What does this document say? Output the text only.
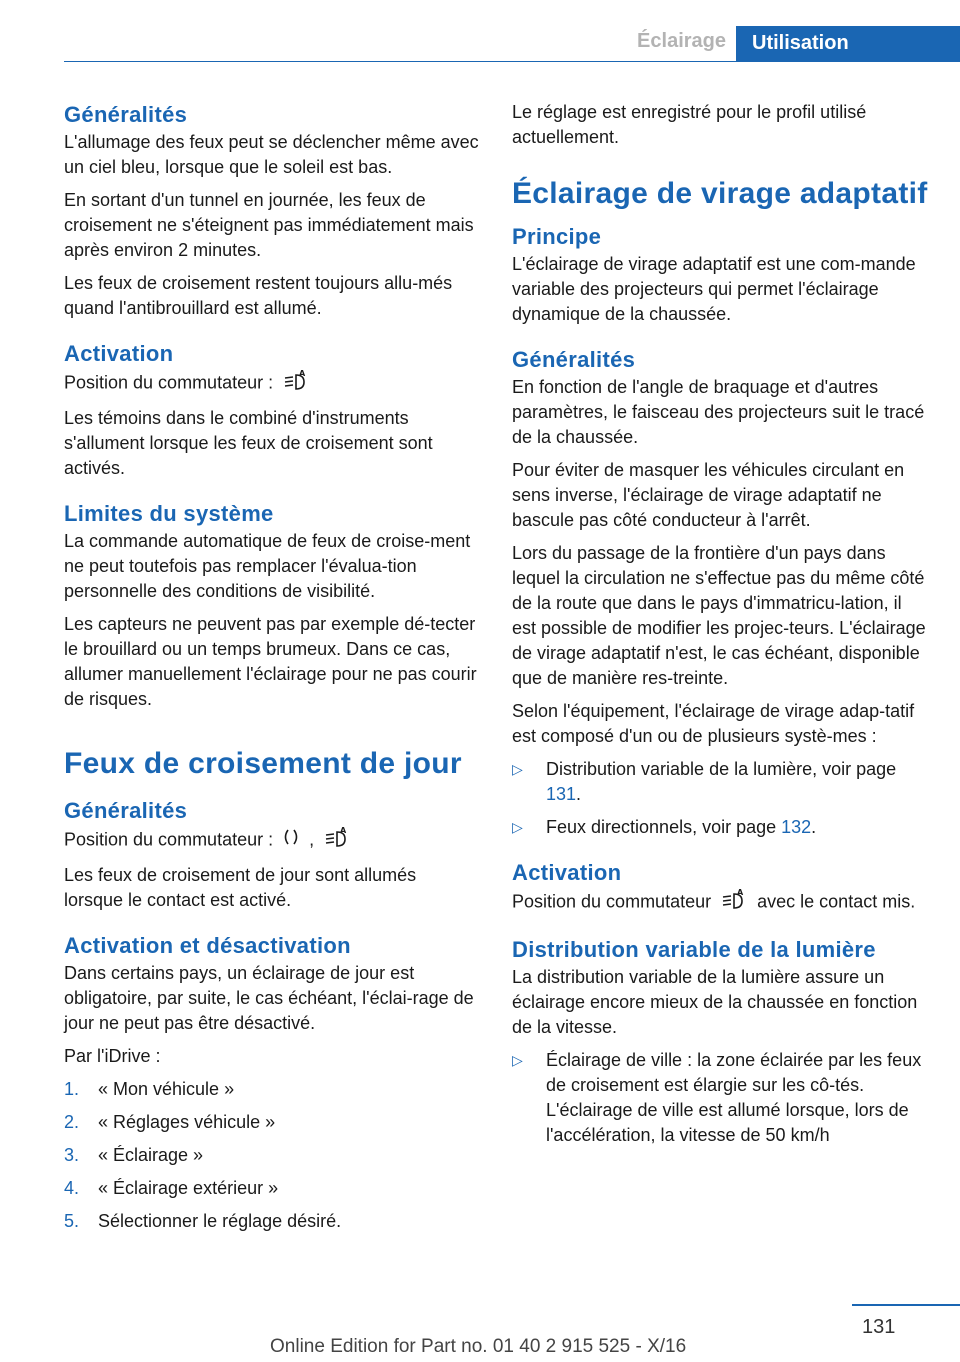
Éclairage	Utilisation
Généralités

L'allumage des feux peut se déclencher même avec un ciel bleu, lorsque que le soleil est bas.

En sortant d'un tunnel en journée, les feux de croisement ne s'éteignent pas immédiatement mais après environ 2 minutes.

Les feux de croisement restent toujours allu‐més quand l'antibrouillard est allumé.

Activation

Position du commutateur :	A

Les témoins dans le combiné d'instruments s'allument lorsque les feux de croisement sont activés.

Limites du système

La commande automatique de feux de croise‐ment ne peut toutefois pas remplacer l'évalua‐tion personnelle des conditions de visibilité.

Les capteurs ne peuvent pas par exemple dé‐tecter le brouillard ou un temps brumeux. Dans ce cas, allumer manuellement l'éclairage pour ne pas courir de risques.

Feux de croisement de jour
Généralités

Position du commutateur : ,	A

Les feux de croisement de jour sont allumés lorsque le contact est activé.

Activation et désactivation

Dans certains pays, un éclairage de jour est obligatoire, par suite, le cas échéant, l'éclai‐rage de jour ne peut pas être désactivé.

Par l'iDrive :

1. « Mon véhicule »
2. « Réglages véhicule »
3. « Éclairage »
4. « Éclairage extérieur »
5. Sélectionner le réglage désiré.

Le réglage est enregistré pour le profil utilisé actuellement.

Éclairage de virage adaptatif
Principe

L'éclairage de virage adaptatif est une com‐mande variable des projecteurs qui permet l'éclairage dynamique de la chaussée.

Généralités

En fonction de l'angle de braquage et d'autres paramètres, le faisceau des projecteurs suit le tracé de la chaussée.

Pour éviter de masquer les véhicules circulant en sens inverse, l'éclairage de virage adaptatif ne bascule pas côté conducteur à l'arrêt.

Lors du passage de la frontière d'un pays dans lequel la circulation ne s'effectue pas du même côté de la route que dans le pays d'immatricu‐lation, il est possible de modifier les projec‐teurs. L'éclairage de virage adaptatif n'est, le cas échéant, disponible que de manière res‐treinte.

Selon l'équipement, l'éclairage de virage adap‐tatif est composé d'un ou de plusieurs systè‐mes :

▷ Distribution variable de la lumière, voir page 131.
▷ Feux directionnels, voir page 132.
Activation

Position du commutateur	A avec le contact mis.

Distribution variable de la lumière

La distribution variable de la lumière assure un éclairage encore mieux de la chaussée en fonction de la vitesse.

▷ Éclairage de ville : la zone éclairée par les feux de croisement est élargie sur les cô‐tés. L'éclairage de ville est allumé lorsque, lors de l'accélération, la vitesse de 50 km/h
131
Online Edition for Part no. 01 40 2 915 525 - X/16
